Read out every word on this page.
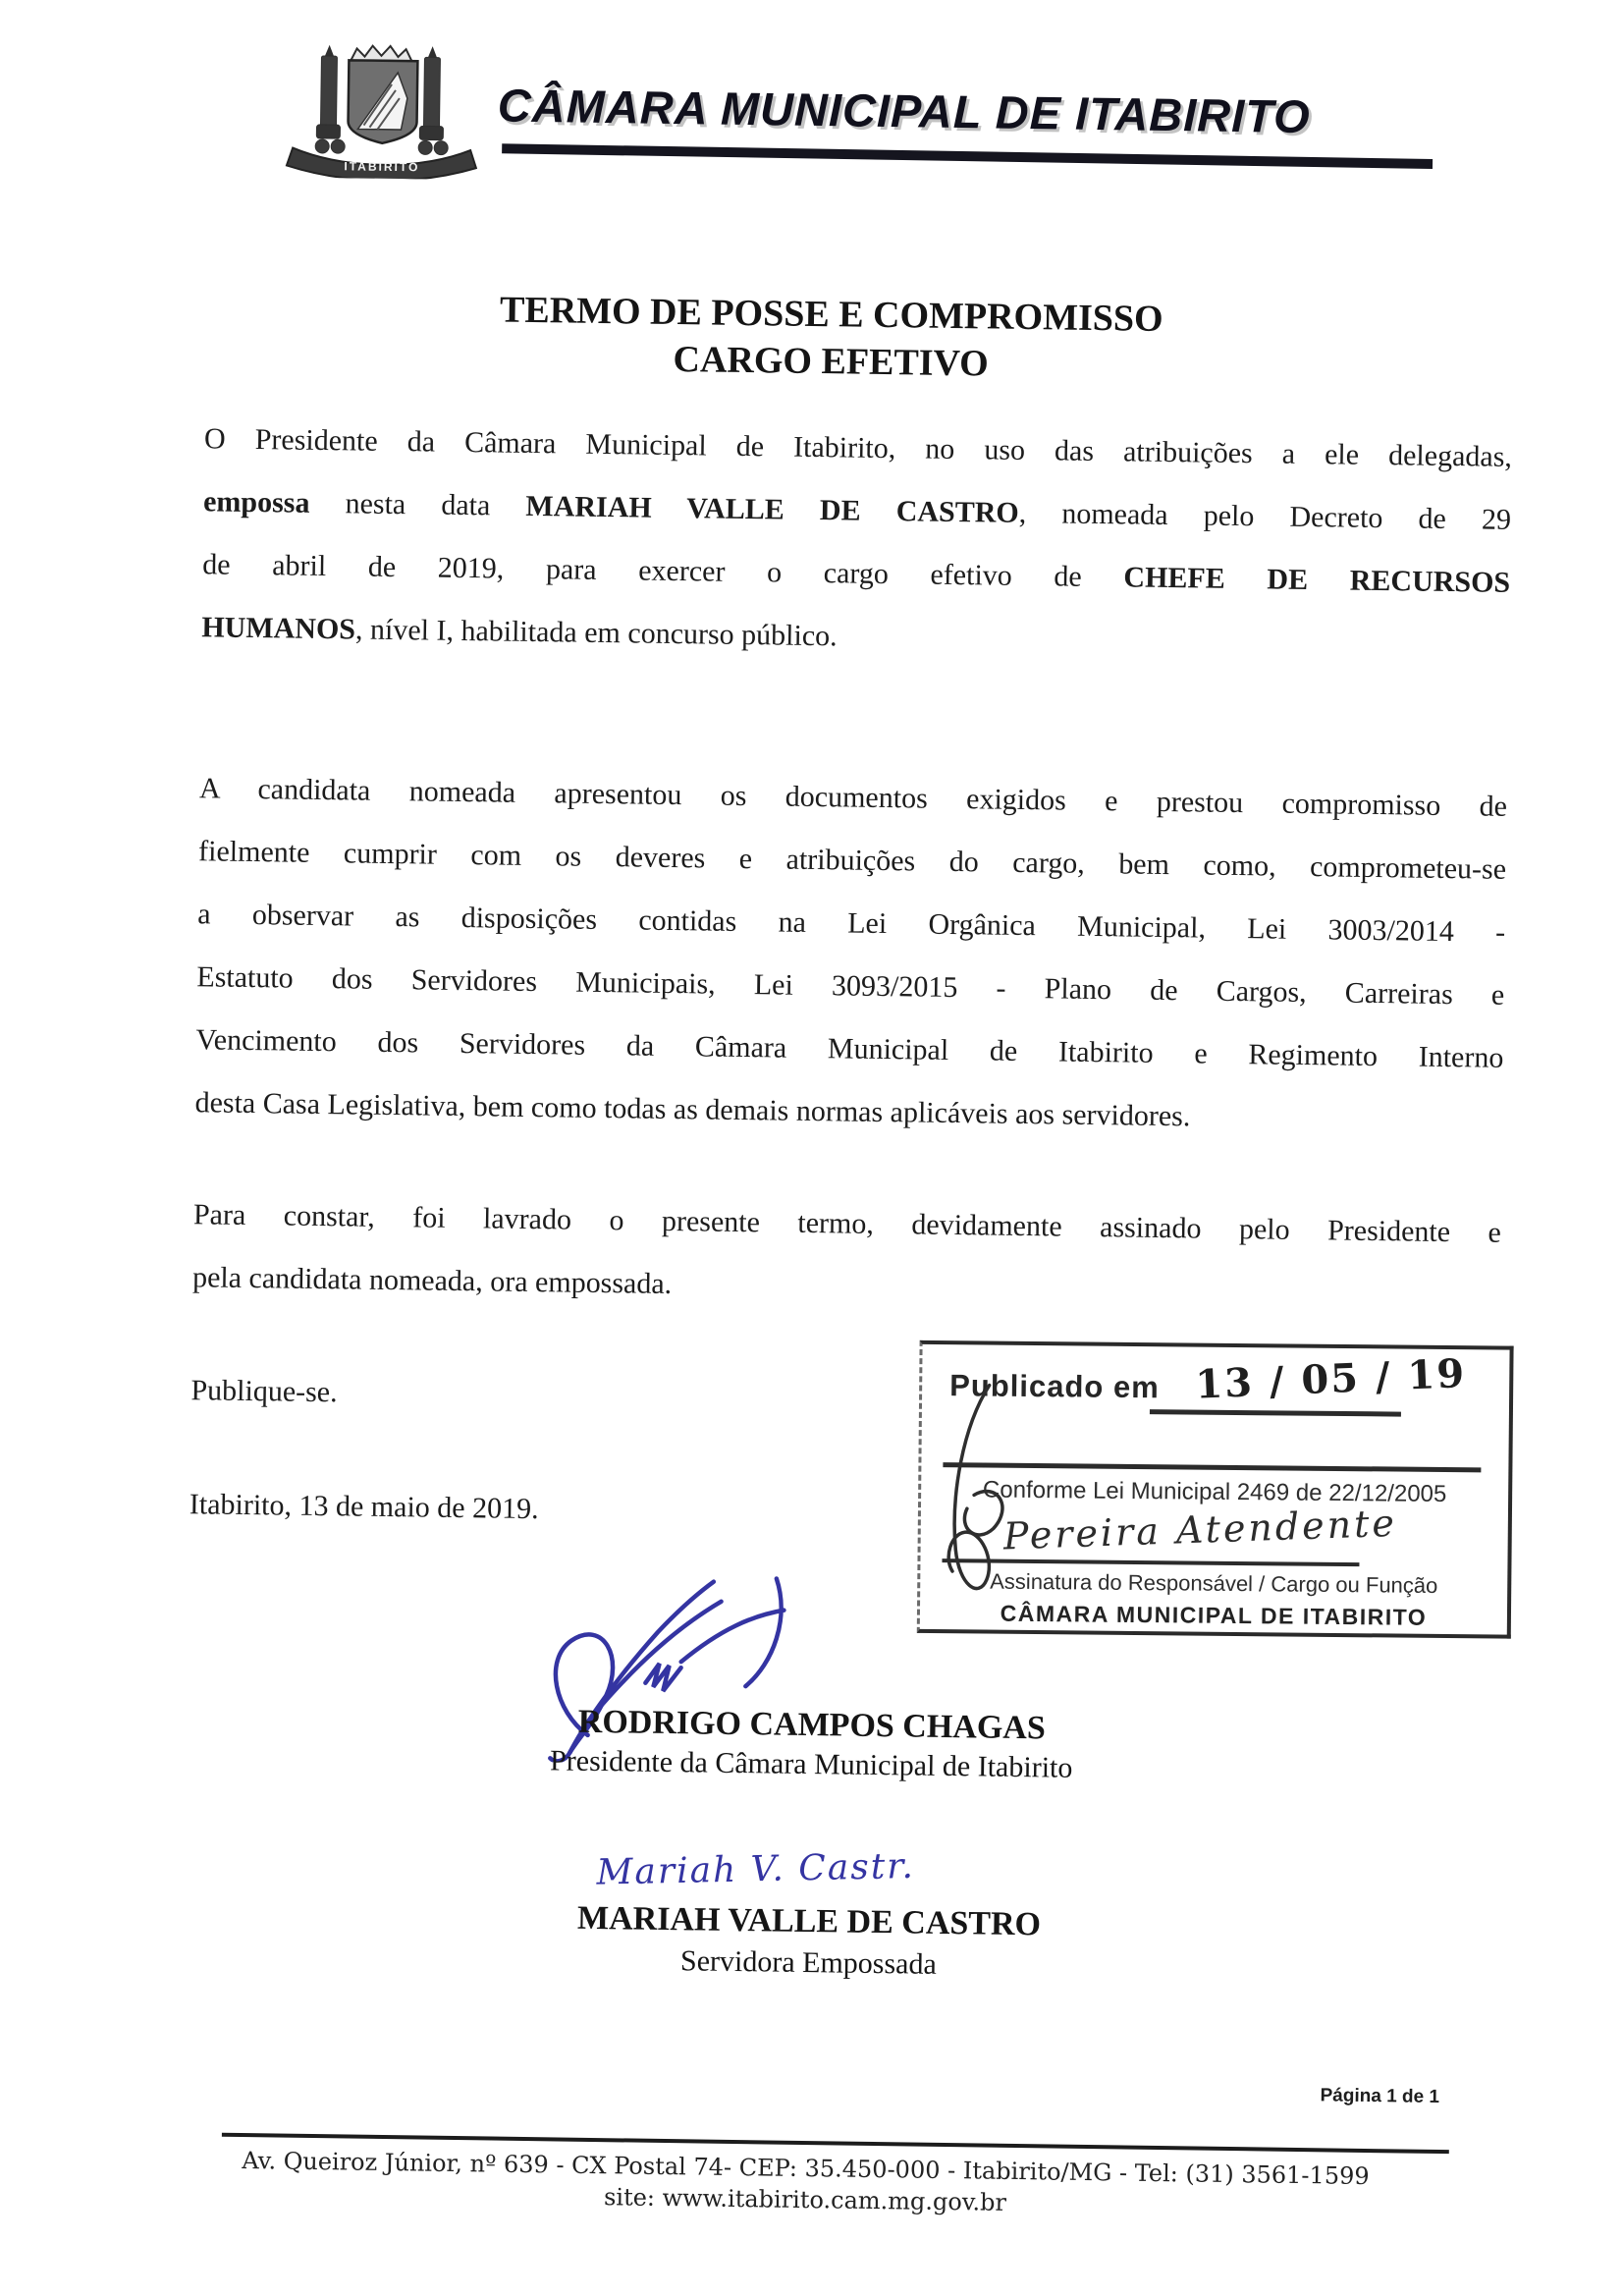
ITABIRITO
CÂMARA MUNICIPAL DE ITABIRITO
TERMO DE POSSE E COMPROMISSO
CARGO EFETIVO
O Presidente da Câmara Municipal de Itabirito, no uso das atribuições a ele delegadas,
empossa nesta data MARIAH VALLE DE CASTRO, nomeada pelo Decreto de 29
de abril de 2019, para exercer o cargo efetivo de CHEFE DE RECURSOS
HUMANOS, nível I, habilitada em concurso público.
A candidata nomeada apresentou os documentos exigidos e prestou compromisso de
fielmente cumprir com os deveres e atribuições do cargo, bem como, comprometeu-se
a observar as disposições contidas na Lei Orgânica Municipal, Lei 3003/2014 -
Estatuto dos Servidores Municipais, Lei 3093/2015 - Plano de Cargos, Carreiras e
Vencimento dos Servidores da Câmara Municipal de Itabirito e Regimento Interno
desta Casa Legislativa, bem como todas as demais normas aplicáveis aos servidores.
Para constar, foi lavrado o presente termo, devidamente assinado pelo Presidente e
pela candidata nomeada, ora empossada.
Publique-se.
Itabirito, 13 de maio de 2019.
Publicado em 13 / 05 / 19
Conforme Lei Municipal 2469 de 22/12/2005
Pereira Atendente
Assinatura do Responsável / Cargo ou Função
CÂMARA MUNICIPAL DE ITABIRITO
RODRIGO CAMPOS CHAGAS
Presidente da Câmara Municipal de Itabirito
Mariah V. Castr.
MARIAH VALLE DE CASTRO
Servidora Empossada
Página 1 de 1
Av. Queiroz Júnior, nº 639 - CX Postal 74- CEP: 35.450-000 - Itabirito/MG - Tel: (31) 3561-1599
site: www.itabirito.cam.mg.gov.br
